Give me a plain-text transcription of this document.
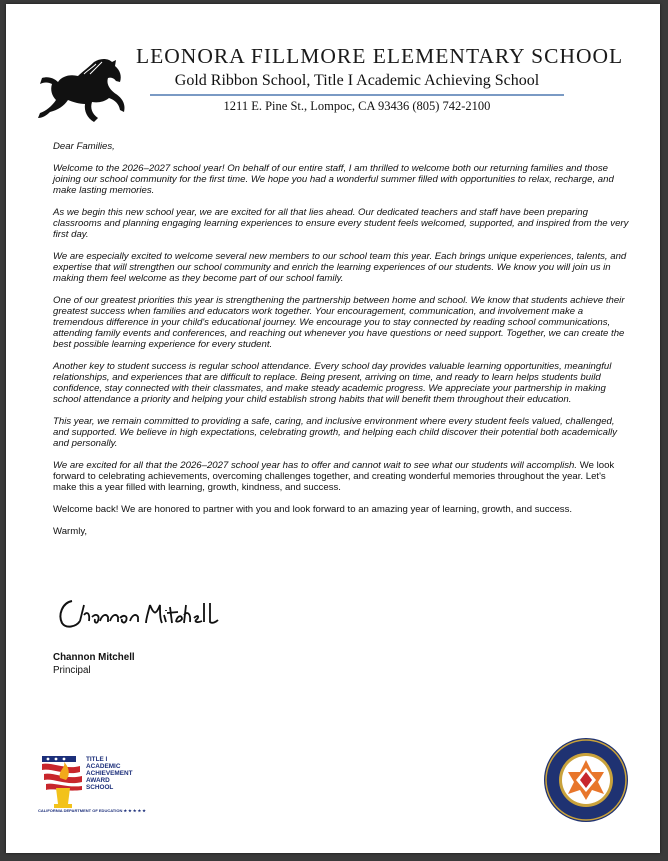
LEONORA FILLMORE ELEMENTARY SCHOOL
Gold Ribbon School, Title I Academic Achieving School
1211 E. Pine St., Lompoc, CA 93436 (805) 742-2100

Dear Families,

Welcome to the 2026–2027 school year! On behalf of our entire staff, I am thrilled to welcome both our returning families and those joining our school community for the first time. We hope you had a wonderful summer filled with opportunities to relax, recharge, and make lasting memories.

As we begin this new school year, we are excited for all that lies ahead. Our dedicated teachers and staff have been preparing classrooms and planning engaging learning experiences to ensure every student feels welcomed, supported, and inspired from the very first day.

We are especially excited to welcome several new members to our school team this year. Each brings unique experiences, talents, and expertise that will strengthen our school community and enrich the learning experiences of our students. We know you will join us in making them feel welcome as they become part of our school family.

One of our greatest priorities this year is strengthening the partnership between home and school. We know that students achieve their greatest success when families and educators work together. Your encouragement, communication, and involvement make a tremendous difference in your child's educational journey. We encourage you to stay connected by reading school communications, attending family events and conferences, and reaching out whenever you have questions or need support. Together, we can create the best possible learning experience for every student.

Another key to student success is regular school attendance. Every school day provides valuable learning opportunities, meaningful relationships, and experiences that are difficult to replace. Being present, arriving on time, and ready to learn helps students build confidence, stay connected with their classmates, and make steady academic progress. We appreciate your partnership in making school attendance a priority and helping your child establish strong habits that will benefit them throughout their education.

This year, we remain committed to providing a safe, caring, and inclusive environment where every student feels valued, challenged, and supported. We believe in high expectations, celebrating growth, and helping each child discover their potential both academically and personally.

We are excited for all that the 2026–2027 school year has to offer and cannot wait to see what our students will accomplish. We look forward to celebrating achievements, overcoming challenges together, and creating wonderful memories throughout the year. Let's make this a year filled with learning, growth, kindness, and success.

Welcome back! We are honored to partner with you and look forward to an amazing year of learning, growth, and success.

Warmly,

Channon Mitchell
Principal
TITLE I
ACADEMIC
ACHIEVEMENT
AWARD
SCHOOL
CALIFORNIA DEPARTMENT OF EDUCATION ★ ★ ★ ★ ★
